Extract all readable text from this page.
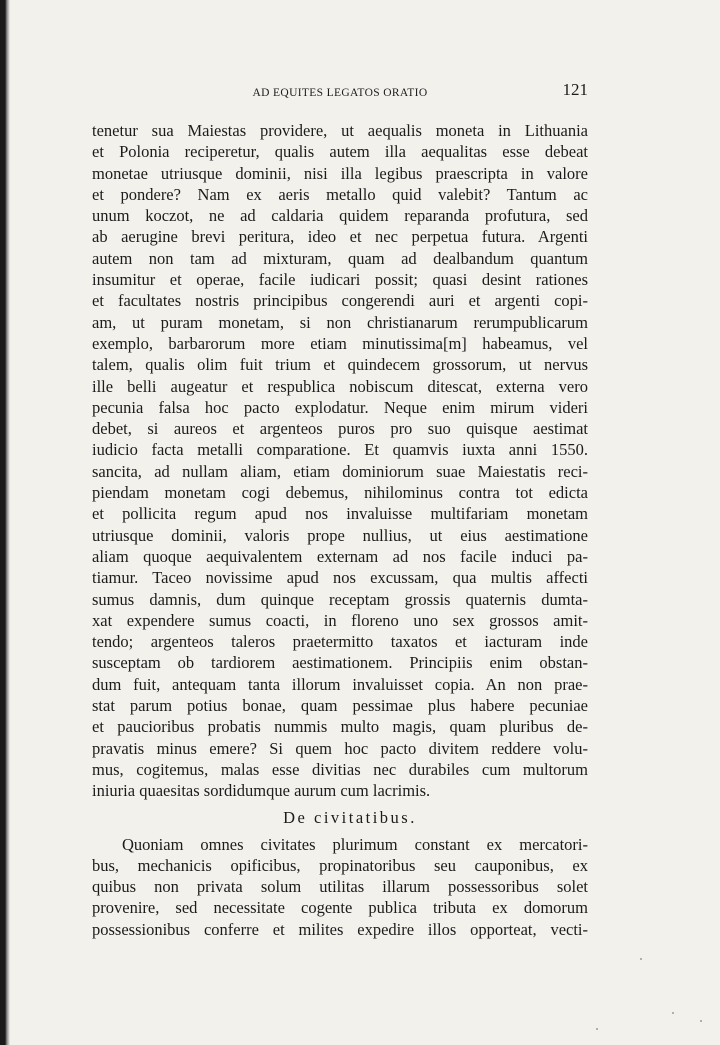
AD EQUITES LEGATOS ORATIO	121
tenetur sua Maiestas providere, ut aequalis moneta in Lithuania
et Polonia reciperetur, qualis autem illa aequalitas esse debeat
monetae utriusque dominii, nisi illa legibus praescripta in valore
et pondere? Nam ex aeris metallo quid valebit? Tantum ac
unum koczot, ne ad caldaria quidem reparanda profutura, sed
ab aerugine brevi peritura, ideo et nec perpetua futura. Argenti
autem non tam ad mixturam, quam ad dealbandum quantum
insumitur et operae, facile iudicari possit; quasi desint rationes
et facultates nostris principibus congerendi auri et argenti copi-
am, ut puram monetam, si non christianarum rerumpublicarum
exemplo, barbarorum more etiam minutissima[m] habeamus, vel
talem, qualis olim fuit trium et quindecem grossorum, ut nervus
ille belli augeatur et respublica nobiscum ditescat, externa vero
pecunia falsa hoc pacto explodatur. Neque enim mirum videri
debet, si aureos et argenteos puros pro suo quisque aestimat
iudicio facta metalli comparatione. Et quamvis iuxta anni 1550.
sancita, ad nullam aliam, etiam dominiorum suae Maiestatis reci-
piendam monetam cogi debemus, nihilominus contra tot edicta
et pollicita regum apud nos invaluisse multifariam monetam
utriusque dominii, valoris prope nullius, ut eius aestimatione
aliam quoque aequivalentem externam ad nos facile induci pa-
tiamur. Taceo novissime apud nos excussam, qua multis affecti
sumus damnis, dum quinque receptam grossis quaternis dumta-
xat expendere sumus coacti, in floreno uno sex grossos amit-
tendo; argenteos taleros praetermitto taxatos et iacturam inde
susceptam ob tardiorem aestimationem. Principiis enim obstan-
dum fuit, antequam tanta illorum invaluisset copia. An non prae-
stat parum potius bonae, quam pessimae plus habere pecuniae
et paucioribus probatis nummis multo magis, quam pluribus de-
pravatis minus emere? Si quem hoc pacto divitem reddere volu-
mus, cogitemus, malas esse divitias nec durabiles cum multorum
iniuria quaesitas sordidumque aurum cum lacrimis.
De civitatibus.
Quoniam omnes civitates plurimum constant ex mercatori-
bus, mechanicis opificibus, propinatoribus seu cauponibus, ex
quibus non privata solum utilitas illarum possessoribus solet
provenire, sed necessitate cogente publica tributa ex domorum
possessionibus conferre et milites expedire illos opporteat, vecti-
